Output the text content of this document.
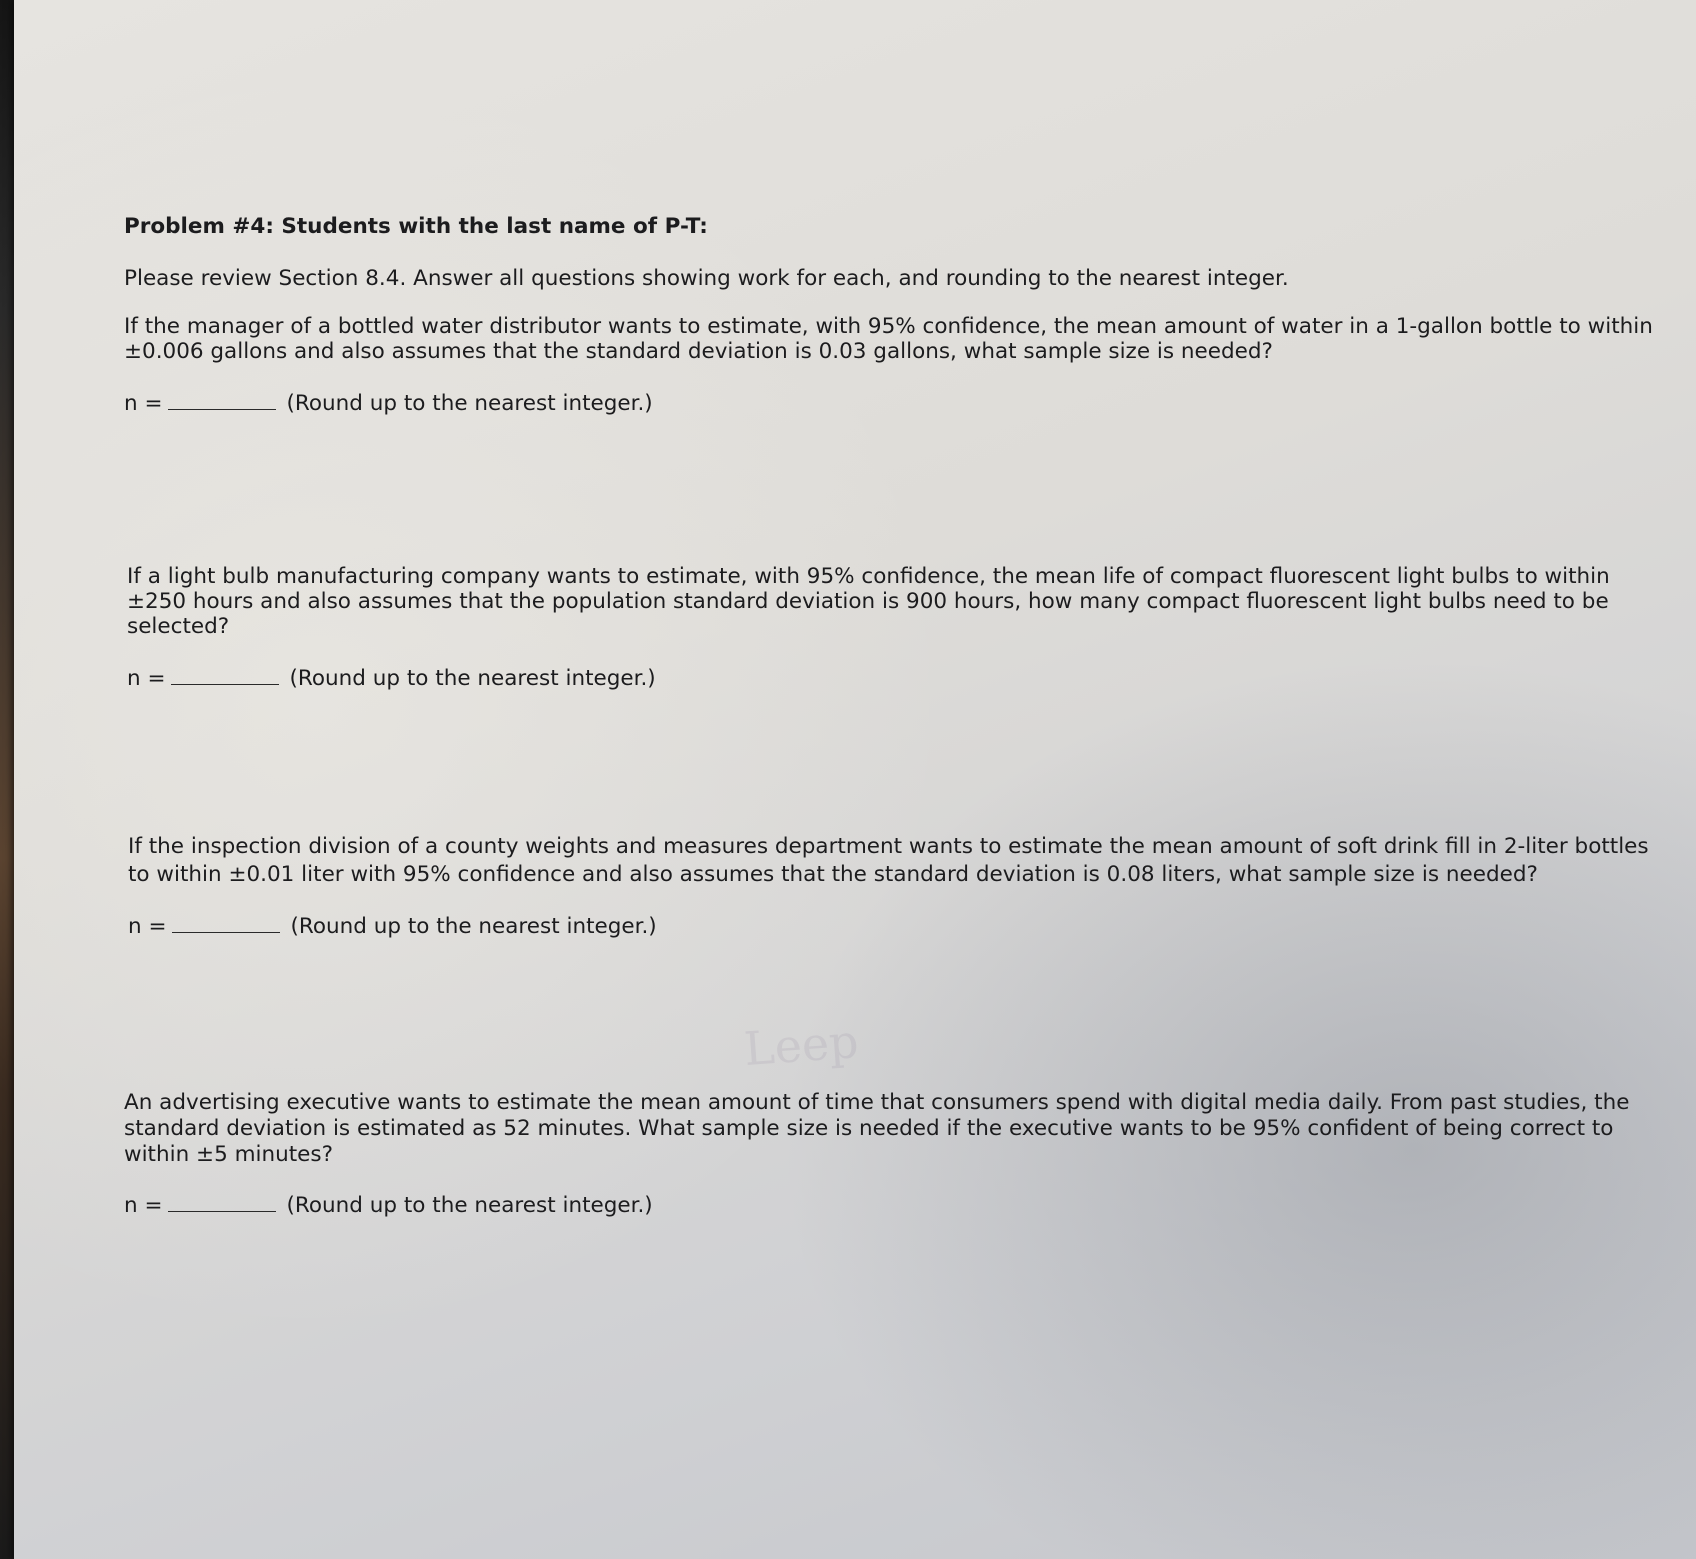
Problem #4: Students with the last name of P-T:
Please review Section 8.4. Answer all questions showing work for each, and rounding to the nearest integer.
If the manager of a bottled water distributor wants to estimate, with 95% confidence, the mean amount of water in a 1-gallon bottle to within
±0.006 gallons and also assumes that the standard deviation is 0.03 gallons, what sample size is needed?
n =	(Round up to the nearest integer.)
If a light bulb manufacturing company wants to estimate, with 95% confidence, the mean life of compact fluorescent light bulbs to within
±250 hours and also assumes that the population standard deviation is 900 hours, how many compact fluorescent light bulbs need to be
selected?
n =	(Round up to the nearest integer.)
If the inspection division of a county weights and measures department wants to estimate the mean amount of soft drink fill in 2-liter bottles
to within ±0.01 liter with 95% confidence and also assumes that the standard deviation is 0.08 liters, what sample size is needed?
n =	(Round up to the nearest integer.)
Leep
An advertising executive wants to estimate the mean amount of time that consumers spend with digital media daily. From past studies, the
standard deviation is estimated as 52 minutes. What sample size is needed if the executive wants to be 95% confident of being correct to
within ±5 minutes?
n =	(Round up to the nearest integer.)
